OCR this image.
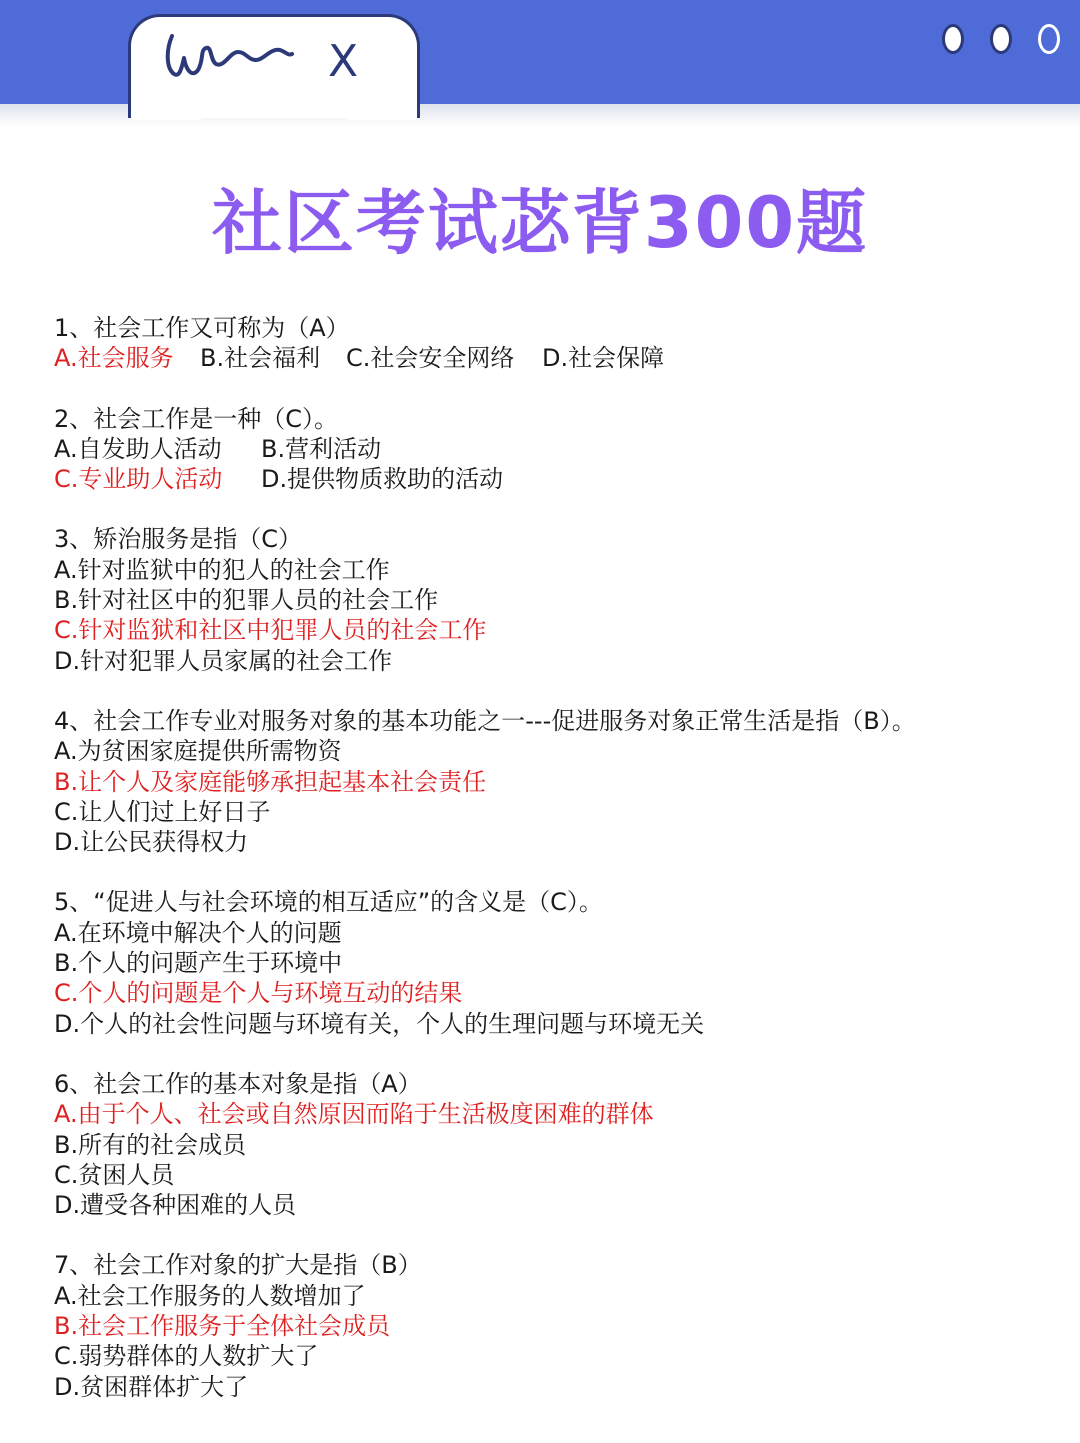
X
社区考试苾背300题
1、社会工作又可称为（A）
A.社会服务	B.社会福利	C.社会安全网络	D.社会保障
2、社会工作是一种（C）。
A.自发助人活动	B.营利活动
C.专业助人活动	D.提供物质救助的活动
3、矫治服务是指（C）
A.针对监狱中的犯人的社会工作
B.针对社区中的犯罪人员的社会工作
C.针对监狱和社区中犯罪人员的社会工作
D.针对犯罪人员家属的社会工作
4、社会工作专业对服务对象的基本功能之一---促进服务对象正常生活是指（B）。
A.为贫困家庭提供所需物资
B.让个人及家庭能够承担起基本社会责任
C.让人们过上好日子
D.让公民获得权力
5、“促进人与社会环境的相互适应”的含义是（C）。
A.在环境中解决个人的问题
B.个人的问题产生于环境中
C.个人的问题是个人与环境互动的结果
D.个人的社会性问题与环境有关，个人的生理问题与环境无关
6、社会工作的基本对象是指（A）
A.由于个人、社会或自然原因而陷于生活极度困难的群体
B.所有的社会成员
C.贫困人员
D.遭受各种困难的人员
7、社会工作对象的扩大是指（B）
A.社会工作服务的人数增加了
B.社会工作服务于全体社会成员
C.弱势群体的人数扩大了
D.贫困群体扩大了
